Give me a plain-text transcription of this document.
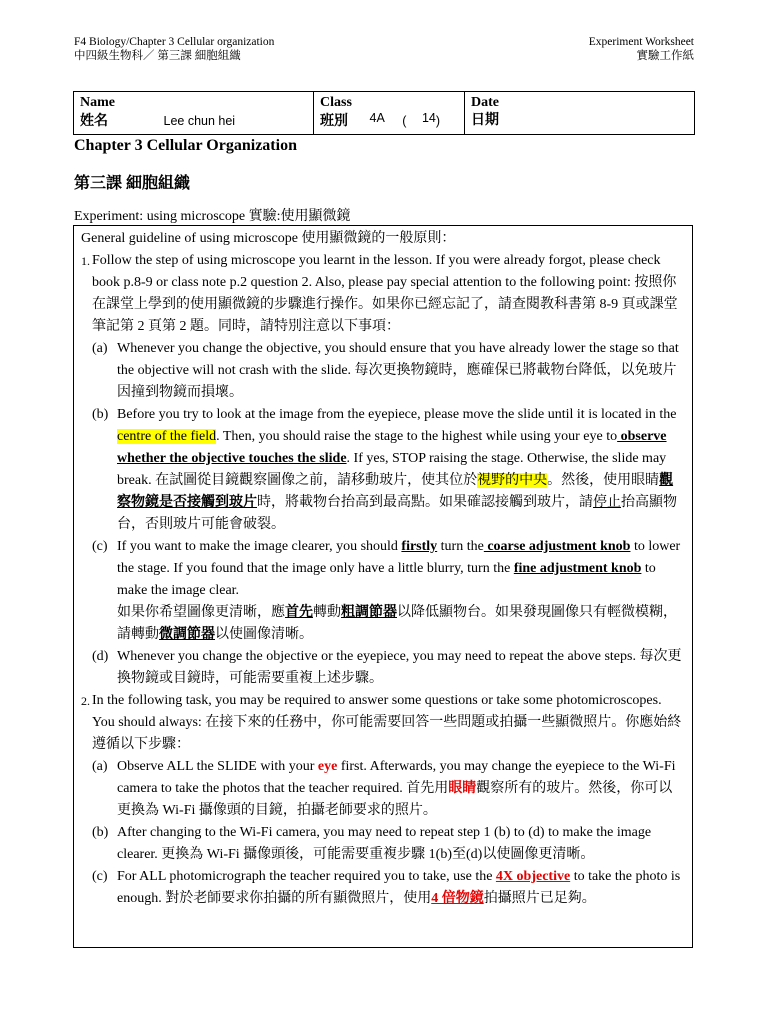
F4 Biology/Chapter 3 Cellular organization
中四級生物科／ 第三課 細胞組織
Experiment Worksheet
實驗工作紙
Name
姓名	Lee chun hei

Class
班別 4A ( 14)

Date
日期
Chapter 3 Cellular Organization
第三課 細胞組織
Experiment: using microscope 實驗:使用顯微鏡

General guideline of using microscope 使用顯微鏡的一般原則：

1. Follow the step of using microscope you learnt in the lesson. If you were already forgot, please check book p.8-9 or class note p.2 question 2. Also, please pay special attention to the following point: 按照你在課堂上學到的使用顯微鏡的步驟進行操作。如果你已經忘記了，請查閱教科書第 8-9 頁或課堂筆記第 2 頁第 2 題。同時，請特別注意以下事項：
(a) Whenever you change the objective, you should ensure that you have already lower the stage so that the objective will not crash with the slide. 每次更換物鏡時，應確保已將載物台降低，以免玻片因撞到物鏡而損壞。
(b) Before you try to look at the image from the eyepiece, please move the slide until it is located in the centre of the field. Then, you should raise the stage to the highest while using your eye to observe whether the objective touches the slide. If yes, STOP raising the stage. Otherwise, the slide may break. 在試圖從目鏡觀察圖像之前，請移動玻片，使其位於視野的中央。然後，使用眼睛觀察物鏡是否接觸到玻片時，將載物台抬高到最高點。如果確認接觸到玻片，請停止抬高顯物台，否則玻片可能會破裂。
(c) If you want to make the image clearer, you should firstly turn the coarse adjustment knob to lower the stage. If you found that the image only have a little blurry, turn the fine adjustment knob to make the image clear.
如果你希望圖像更清晰，應首先轉動粗調節器以降低顯物台。如果發現圖像只有輕微模糊，請轉動微調節器以使圖像清晰。
(d) Whenever you change the objective or the eyepiece, you may need to repeat the above steps. 每次更換物鏡或目鏡時，可能需要重複上述步驟。
2. In the following task, you may be required to answer some questions or take some photomicroscopes. You should always: 在接下來的任務中，你可能需要回答一些問題或拍攝一些顯微照片。你應始終遵循以下步驟：
(a) Observe ALL the SLIDE with your eye first. Afterwards, you may change the eyepiece to the Wi-Fi camera to take the photos that the teacher required. 首先用眼睛觀察所有的玻片。然後，你可以更換為 Wi-Fi 攝像頭的目鏡，拍攝老師要求的照片。
(b) After changing to the Wi-Fi camera, you may need to repeat step 1 (b) to (d) to make the image clearer. 更換為 Wi-Fi 攝像頭後，可能需要重複步驟 1(b)至(d)以使圖像更清晰。
(c) For ALL photomicrograph the teacher required you to take, use the 4X objective to take the photo is enough. 對於老師要求你拍攝的所有顯微照片，使用4 倍物鏡拍攝照片已足夠。
